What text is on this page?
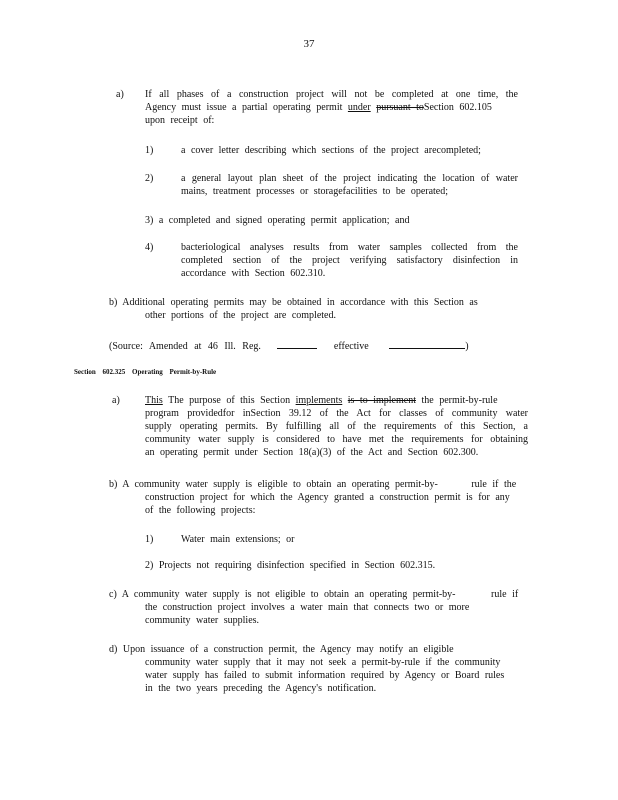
37
a) If all phases of a construction project will not be completed at one time, the
Agency must issue a partial operating permit under pursuant toSection 602.105
upon receipt of:
1)	a cover letter describing which sections of the project arecompleted;
2)	a general layout plan sheet of the project indicating the location of water
mains, treatment processes or storagefacilities to be operated;
3) a completed and signed operating permit application; and
4)	bacteriological analyses results from water samples collected from the
completed section of the project verifying satisfactory disinfection in
accordance with Section 602.310.
b) Additional operating permits may be obtained in accordance with this Section as
other portions of the project are completed.
(Source: Amended at 46 Ill. Reg.	effective	)
Section 602.325 Operating Permit-by-Rule
a)	This The purpose of this Section implements is to implement the permit-by-rule
program providedfor inSection 39.12 of the Act for classes of community water
supply operating permits. By fulfilling all of the requirements of this Section, a
community water supply is considered to have met the requirements for obtaining
an operating permit under Section 18(a)(3) of the Act and Section 602.300.
b) A community water supply is eligible to obtain an operating permit-by-	rule if the
construction project for which the Agency granted a construction permit is for any
of the following projects:
1)	Water main extensions; or
2) Projects not requiring disinfection specified in Section 602.315.
c) A community water supply is not eligible to obtain an operating permit-by-	rule if
the construction project involves a water main that connects two or more
community water supplies.
d) Upon issuance of a construction permit, the Agency may notify an eligible
community water supply that it may not seek a permit-by-rule if the community
water supply has failed to submit information required by Agency or Board rules
in the two years preceding the Agency's notification.
